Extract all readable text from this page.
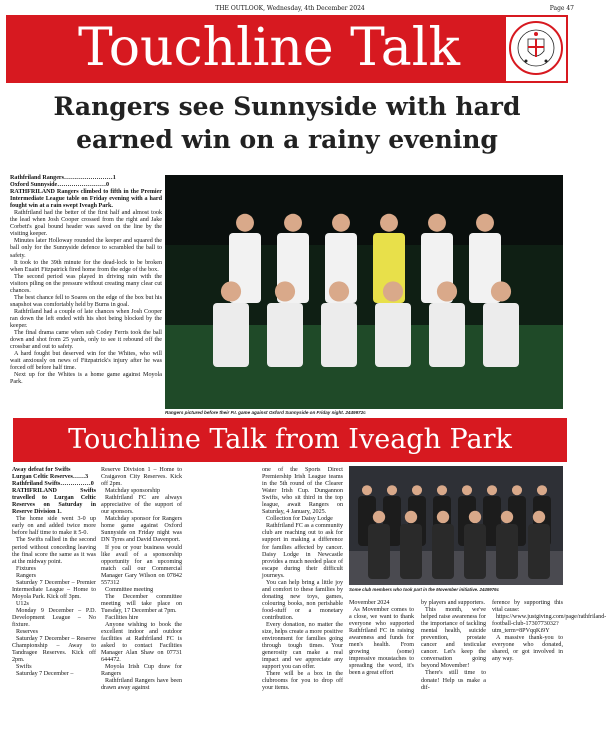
THE OUTLOOK, Wednesday, 4th December 2024	Page 47
Touchline Talk
Rangers see Sunnyside with hard earned win on a rainy evening

Rathfriland Rangers……………………1

Oxford Sunnyside……………………0

RATHFRILAND Rangers climbed to fifth in the Premier Intermediate League table on Friday evening with a hard fought win at a rain swept Iveagh Park.

Rathfriland had the better of the first half and almost took the lead when Josh Cooper crossed from the right and Jake Corbett's goal bound header was saved on the line by the visiting keeper.

Minutes later Holloway rounded the keeper and squared the ball only for the Sunnyside defence to scrambled the ball to safety.

It took to the 39th minute for the dead-lock to be broken when Euairi Fitzpatrick fired home from the edge of the box.

The second period was played in driving rain with the visitors piling on the pressure without creating many clear cut chances.

The best chance fell to Soares on the edge of the box but his snapshot was comfortably held by Burns in goal.

Rathfriland had a couple of late chances when Josh Cooper ran down the left ended with his shot being blocked by the keeper.

The final drama came when sub Codey Ferris took the ball down and shot from 25 yards, only to see it rebound off the crossbar and out to safety.

A hard fought but deserved win for the Whites, who will wait anxiously on news of Fitzpatrick's injury after he was forced off before half time.

Next up for the Whites is a home game against Moyola Park.

Rangers pictured before their P.I. game against Oxford Sunnyside on Friday night. 2449972c
Touchline Talk from Iveagh Park

Away defeat for Swifts

Lurgan Celtic Reserves……3

Rathfriland Swifts……………0

RATHFRILAND Swifts travelled to Lurgan Celtic Reserves on Saturday in Reserve Division 1.

The home side went 3-0 up early on and added twice more before half time to make it 5-0.

The Swifts rallied in the second period without conceding leaving the final score the same as it was at the midway point.

Fixtures

Rangers

Saturday 7 December – Premier Intermediate League – Home to Moyola Park. Kick off 3pm.

U12s

Monday 9 December – P.D. Development League – No fixture.

Reserves

Saturday 7 December – Reserve Championship – Away to Tandragee Reserves. Kick off 2pm.

Swifts

Saturday 7 December –

Reserve Division 1 – Home to Craigavon City Reserves. Kick off 2pm.

Matchday sponsorship

Rathfriland FC are always appreciative of the support of our sponsors.

Matchday sponsor for Rangers home game against Oxford Sunnyside on Friday night was DN Tyres and David Davenport.

If you or your business would like avail of a sponsorship opportunity for an upcoming match call our Commercial Manager Gary Wilson on 07842 557312

Committee meeting

The December committee meeting will take place on Tuesday, 17 December at 7pm.

Facilities hire

Anyone wishing to book the excellent indoor and outdoor facilities at Rathfriland FC is asked to contact Facilities Manager Alan Shaw on 07731 644472.

Moyola Irish Cup draw for Rangers

Rathfriland Rangers have been drawn away against

one of the Sports Direct Premiership Irish League teams in the 5th round of the Clearer Water Irish Cup. Dungannon Swifts, who sit third in the top league, await Rangers on Saturday, 4 January, 2025.

Collection for Daisy Lodge

Rathfriland FC as a community club are reaching out to ask for support in making a difference for families affected by cancer. Daisy Lodge in Newcastle provides a much needed place of escape during their difficult journeys.

You can help bring a little joy and comfort to these families by donating new toys, games, colouring books, non perishable food-stuff or a monetary contribution.

Every donation, no matter the size, helps create a more positive environment for families going through tough times. Your generosity can make a real impact and we appreciate any support you can offer.

There will be a box in the clubrooms for you to drop off your items.

Some club members who took part in the Movember initiative. 2449976c

Movember 2024

As Movember comes to a close, we want to thank everyone who supported Rathfriland FC in raising awareness and funds for men's health. From growing (some) impressive moustaches to spreading the word, it's been a great effort

by players and supporters.

This month, we've helped raise awareness for the importance of tackling mental health, suicide prevention, prostate cancer and testicular cancer. Let's keep the conversation going beyond Movember!

There's still time to donate! Help us make a dif-

ference by supporting this vital cause:

https://www.justgiving.com/page/rathfriland-football-club-1730773032?utm_term=8PVqqKi9Y

A massive thank-you to everyone who donated, shared, or got involved in any way.
